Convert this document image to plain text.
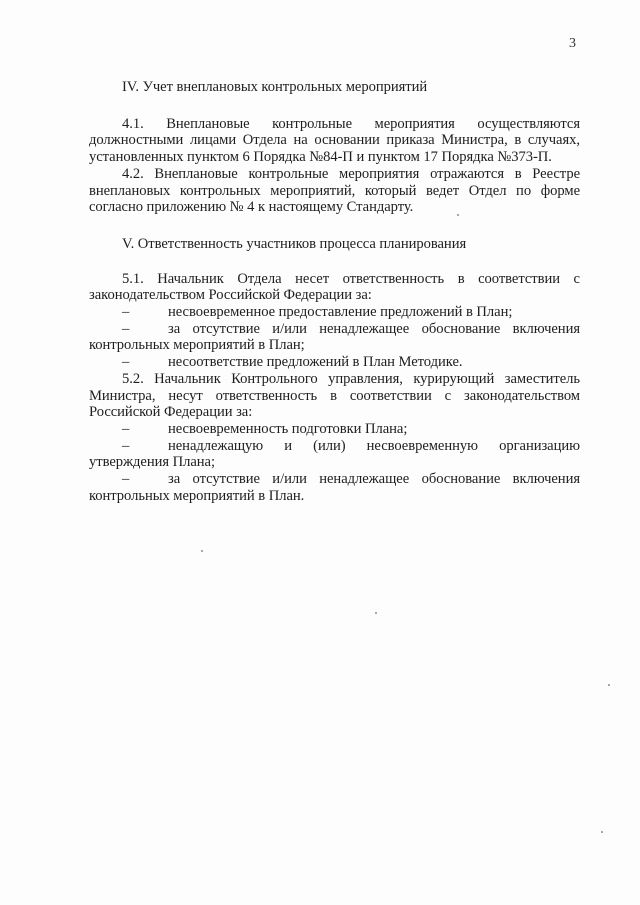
3

IV. Учет внеплановых контрольных мероприятий

4.1. Внеплановые контрольные мероприятия осуществляются должностными лицами Отдела на основании приказа Министра, в случаях, установленных пунктом 6 Порядка №84-П и пунктом 17 Порядка №373-П.

4.2. Внеплановые контрольные мероприятия отражаются в Реестре внеплановых контрольных мероприятий, который ведет Отдел по форме согласно приложению № 4 к настоящему Стандарту.

V. Ответственность участников процесса планирования

5.1. Начальник Отдела несет ответственность в соответствии с законодательством Российской Федерации за:

–	несвоевременное предоставление предложений в План;

–	за отсутствие и/или ненадлежащее обоснование включения контрольных мероприятий в План;

–	несоответствие предложений в План Методике.

5.2. Начальник Контрольного управления, курирующий заместитель Министра, несут ответственность в соответствии с законодательством Российской Федерации за:

–	несвоевременность подготовки Плана;

–	ненадлежащую и (или) несвоевременную организацию утверждения Плана;

–	за отсутствие и/или ненадлежащее обоснование включения контрольных мероприятий в План.
